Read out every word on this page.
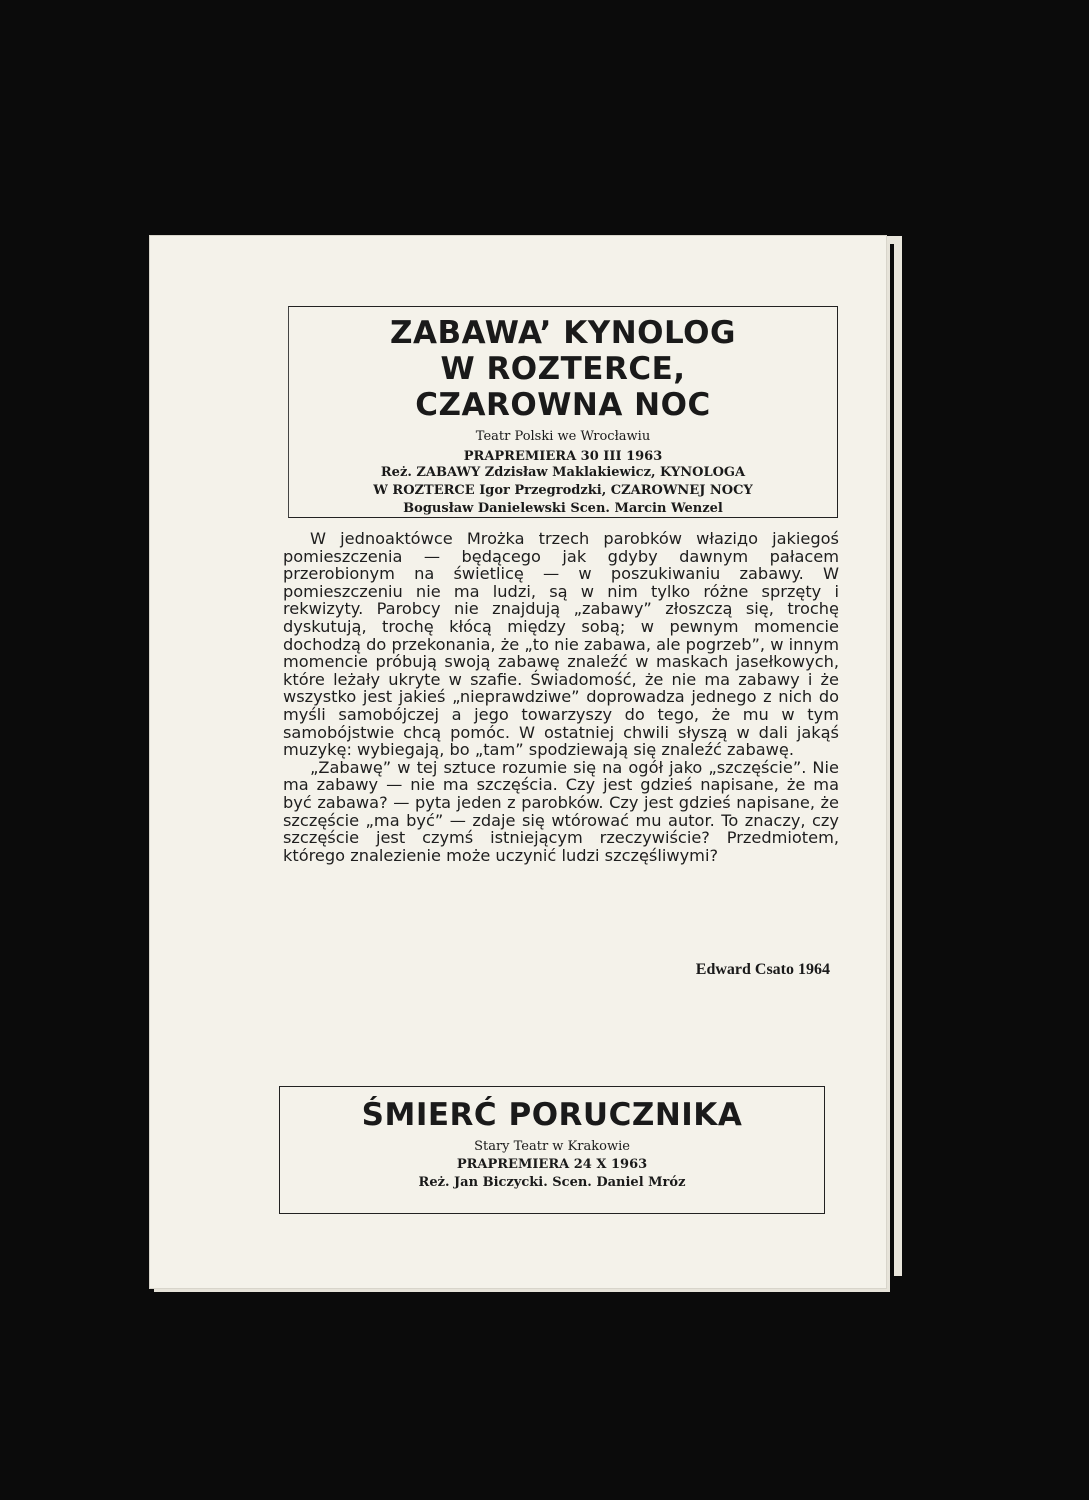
ZABAWA’ KYNOLOG

W ROZTERCE,

CZAROWNA NOC

Teatr Polski we Wrocławiu

PRAPREMIERA 30 III 1963

Reż. ZABAWY Zdzisław Maklakiewicz, KYNOLOGA

W ROZTERCE Igor Przegrodzki, CZAROWNEJ NOCY

Bogusław Danielewski Scen. Marcin Wenzel

W jednoaktówce Mrożka trzech parobków właziдо jakiegoś pomieszczenia — będącego jak gdyby dawnym pałacem przerobionym na świetlicę — w poszukiwaniu zabawy. W pomieszczeniu nie ma ludzi, są w nim tylko różne sprzęty i rekwizyty. Parobcy nie znajdują „zabawy” złoszczą się, trochę dyskutują, trochę kłócą między sobą; w pewnym momencie dochodzą do przekonania, że „to nie zabawa, ale pogrzeb”, w innym momencie próbują swoją zabawę znaleźć w maskach jasełkowych, które leżały ukryte w szafie. Świadomość, że nie ma zabawy i że wszystko jest jakieś „nieprawdziwe” doprowadza jednego z nich do myśli samobójczej a jego towarzyszy do tego, że mu w tym samobójstwie chcą pomóc. W ostatniej chwili słyszą w dali jakąś muzykę: wybiegają, bo „tam” spodziewają się znaleźć zabawę.

„Zabawę” w tej sztuce rozumie się na ogół jako „szczęście”. Nie ma zabawy — nie ma szczęścia. Czy jest gdzieś napisane, że ma być zabawa? — pyta jeden z parobków. Czy jest gdzieś napisane, że szczęście „ma być” — zdaje się wtórować mu autor. To znaczy, czy szczęście jest czymś istniejącym rzeczywiście? Przedmiotem, którego znalezienie może uczynić ludzi szczęśliwymi?

Edward Csato 1964

ŚMIERĆ PORUCZNIKA

Stary Teatr w Krakowie

PRAPREMIERA 24 X 1963

Reż. Jan Biczycki. Scen. Daniel Mróz
